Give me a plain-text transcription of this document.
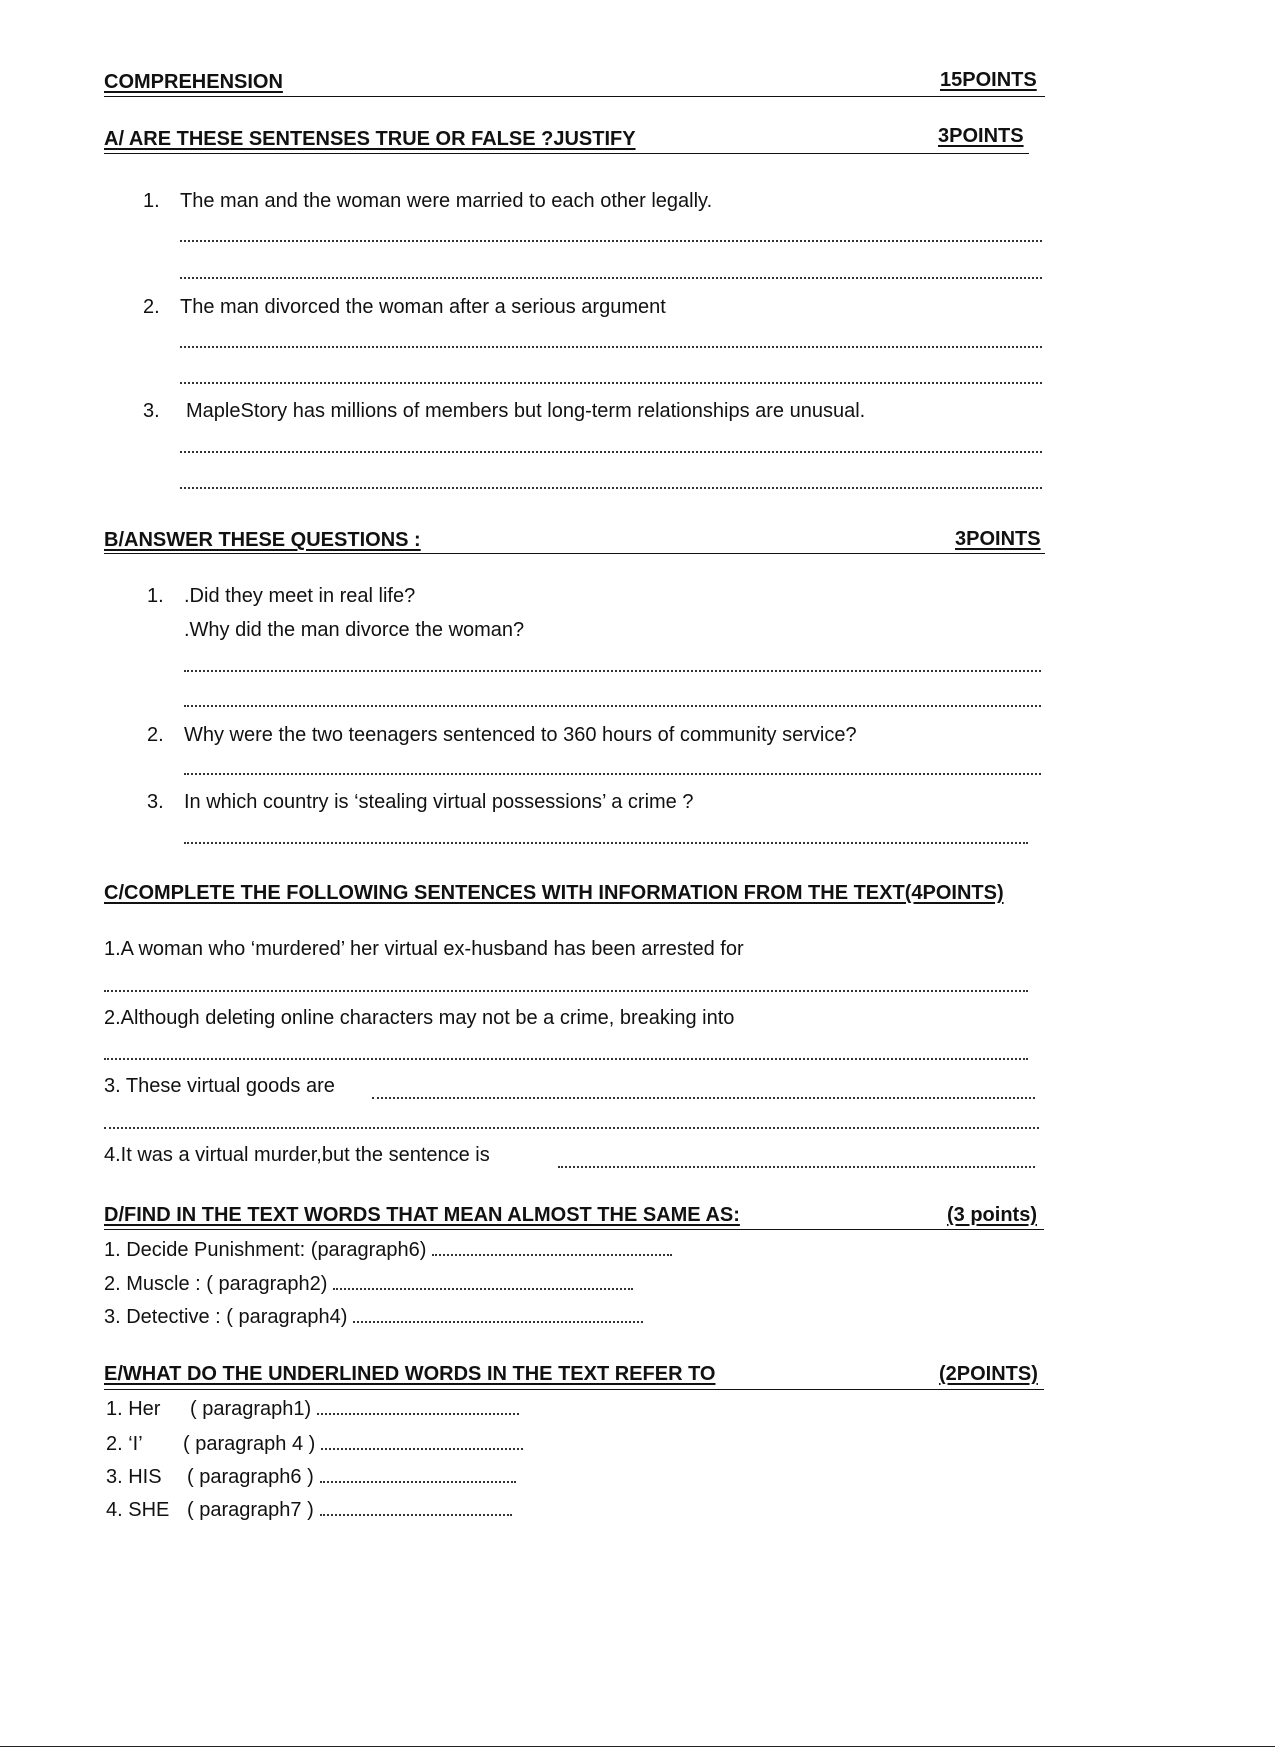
COMPREHENSION	15POINTS
A/ ARE THESE SENTENSES TRUE OR FALSE ?JUSTIFY	3POINTS
1. The man and the woman were married to each other legally.
2. The man divorced the woman after a serious argument
3. MapleStory has millions of members but long-term relationships are unusual.
B/ANSWER THESE QUESTIONS :	3POINTS
1. .Did they meet in real life?
.Why did the man divorce the woman?
2. Why were the two teenagers sentenced to 360 hours of community service?
3. In which country is ‘stealing virtual possessions’ a crime ?
C/COMPLETE THE FOLLOWING SENTENCES WITH INFORMATION FROM THE TEXT(4POINTS)
1.A woman who ‘murdered’ her virtual ex-husband has been arrested for
2.Although deleting online characters may not be a crime, breaking into
3. These virtual goods are
4.It was a virtual murder,but the sentence is
D/FIND IN THE TEXT WORDS THAT MEAN ALMOST THE SAME AS:	(3 points)
1. Decide Punishment: (paragraph6)
2. Muscle : ( paragraph2)
3. Detective : ( paragraph4)
E/WHAT DO THE UNDERLINED WORDS IN THE TEXT REFER TO	(2POINTS)
1. Her ( paragraph1)
2. ‘I’ ( paragraph 4 )
3. HIS ( paragraph6 )
4. SHE ( paragraph7 )
